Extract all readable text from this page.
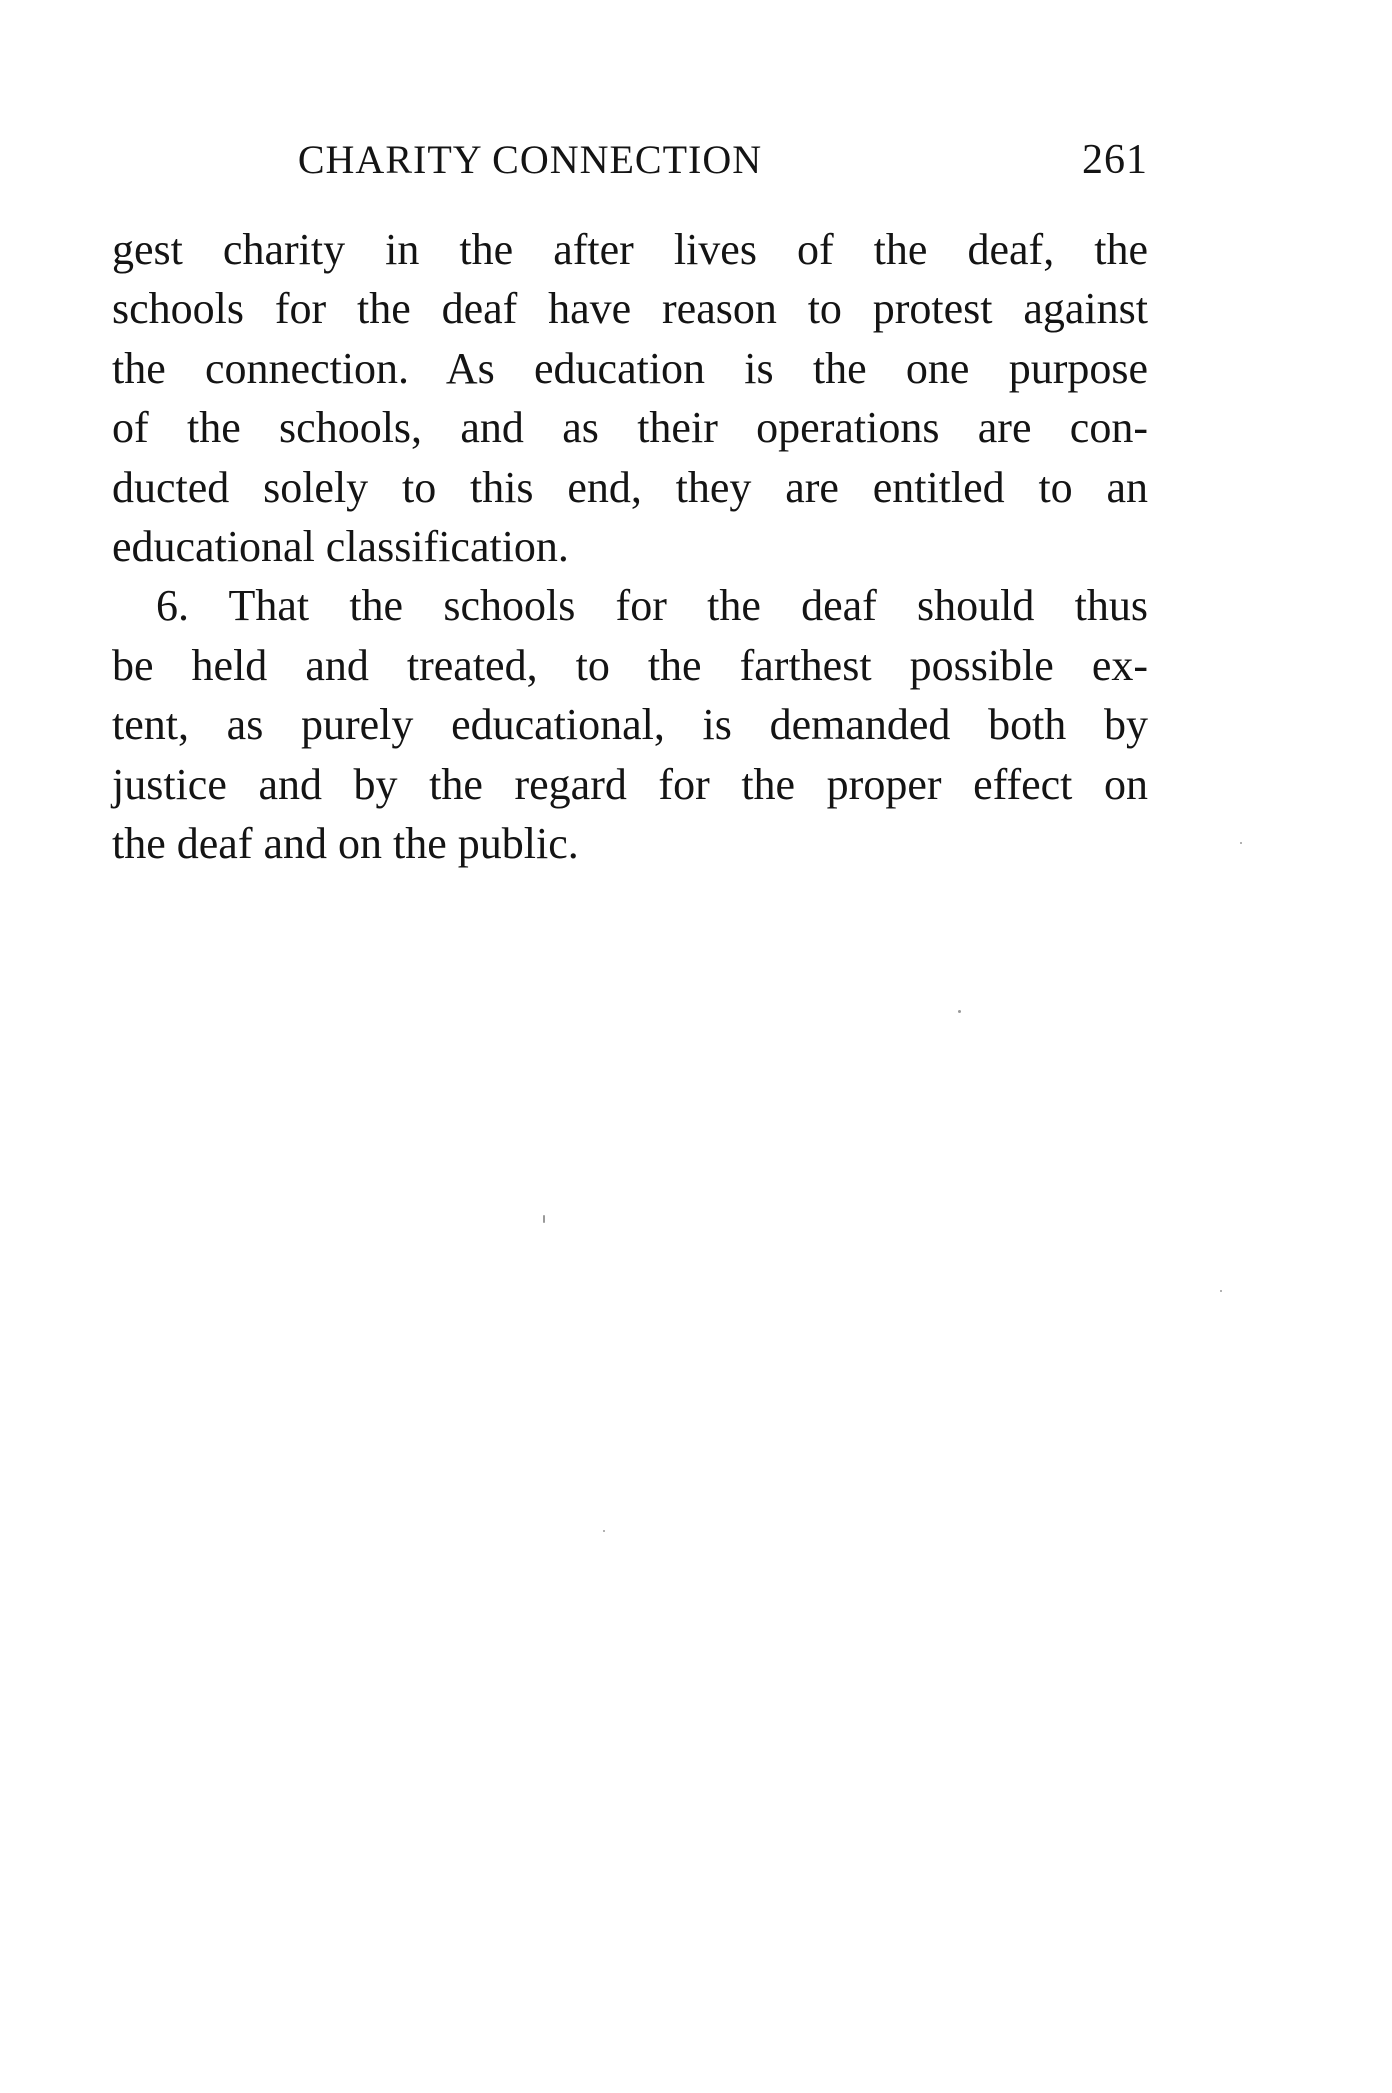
CHARITY CONNECTION	261
gest charity in the after lives of the deaf, the
schools for the deaf have reason to protest against
the connection. As education is the one purpose
of the schools, and as their operations are con-
ducted solely to this end, they are entitled to an
educational classification.
6. That the schools for the deaf should thus
be held and treated, to the farthest possible ex-
tent, as purely educational, is demanded both by
justice and by the regard for the proper effect on
the deaf and on the public.
